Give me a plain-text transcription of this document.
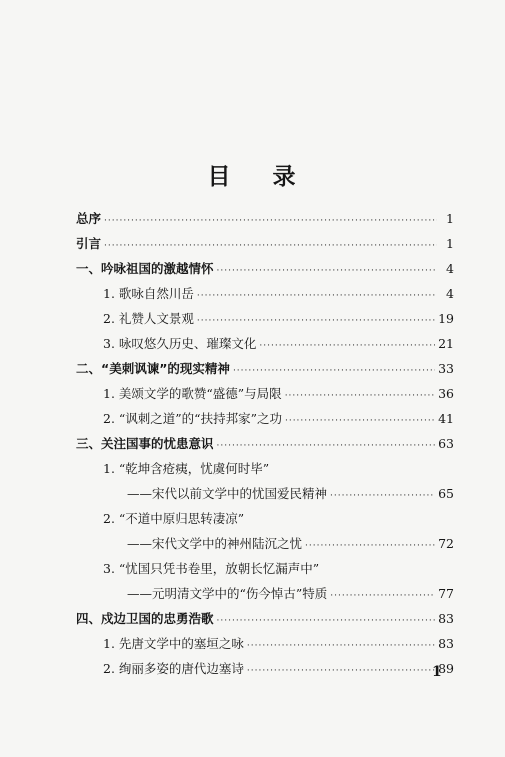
目 录
总序 ·····	1
引言 ·····	1
一、吟咏祖国的激越情怀 ·····	4
1. 歌咏自然川岳 ·····	4
2. 礼赞人文景观 ·····	19
3. 咏叹悠久历史、璀璨文化 ·····	21
二、“美刺讽谏”的现实精神 ·····	33
1. 美颂文学的歌赞“盛德”与局限 ·····	36
2. “讽刺之道”的“扶持邦家”之功 ·····	41
三、关注国事的忧患意识 ·····	63
1. “乾坤含疮痍，忧虞何时毕”
——宋代以前文学中的忧国爱民精神 ·····	65
2. “不道中原归思转凄凉”
——宋代文学中的神州陆沉之忧 ·····	72
3. “忧国只凭书卷里，放朝长忆漏声中”
——元明清文学中的“伤今悼古”特质 ·····	77
四、戍边卫国的忠勇浩歌 ·····	83
1. 先唐文学中的塞垣之咏 ·····	83
2. 绚丽多姿的唐代边塞诗 ·····	89
1
